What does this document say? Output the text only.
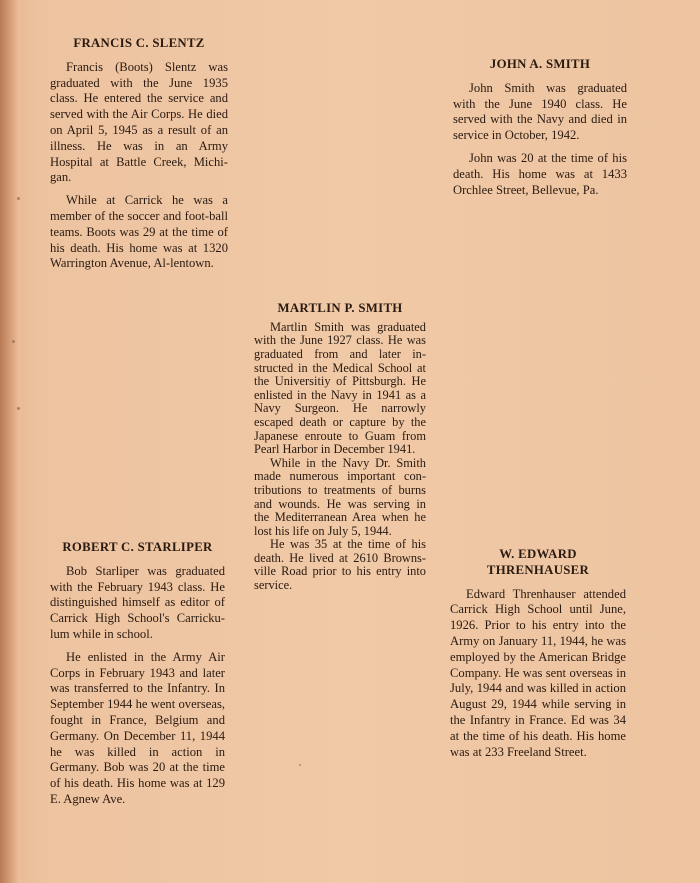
FRANCIS C. SLENTZ

Francis (Boots) Slentz was graduated with the June 1935 class. He entered the service and served with the Air Corps. He died on April 5, 1945 as a result of an illness. He was in an Army Hospital at Battle Creek, Michi-gan.

While at Carrick he was a member of the soccer and foot-ball teams. Boots was 29 at the time of his death. His home was at 1320 Warrington Avenue, Al-lentown.

JOHN A. SMITH

John Smith was graduated with the June 1940 class. He served with the Navy and died in service in October, 1942.

John was 20 at the time of his death. His home was at 1433 Orchlee Street, Bellevue, Pa.

MARTLIN P. SMITH

Martlin Smith was graduated with the June 1927 class. He was graduated from and later in-structed in the Medical School at the Universitiy of Pittsburgh. He enlisted in the Navy in 1941 as a Navy Surgeon. He narrowly escaped death or capture by the Japanese enroute to Guam from Pearl Harbor in December 1941.

While in the Navy Dr. Smith made numerous important con-tributions to treatments of burns and wounds. He was serving in the Mediterranean Area when he lost his life on July 5, 1944.

He was 35 at the time of his death. He lived at 2610 Browns-ville Road prior to his entry into service.

ROBERT C. STARLIPER

Bob Starliper was graduated with the February 1943 class. He distinguished himself as editor of Carrick High School's Carricku-lum while in school.

He enlisted in the Army Air Corps in February 1943 and later was transferred to the Infantry. In September 1944 he went overseas, fought in France, Belgium and Germany. On December 11, 1944 he was killed in action in Germany. Bob was 20 at the time of his death. His home was at 129 E. Agnew Ave.

W. EDWARD THRENHAUSER

Edward Threnhauser attended Carrick High School until June, 1926. Prior to his entry into the Army on January 11, 1944, he was employed by the American Bridge Company. He was sent overseas in July, 1944 and was killed in action August 29, 1944 while serving in the Infantry in France. Ed was 34 at the time of his death. His home was at 233 Freeland Street.
